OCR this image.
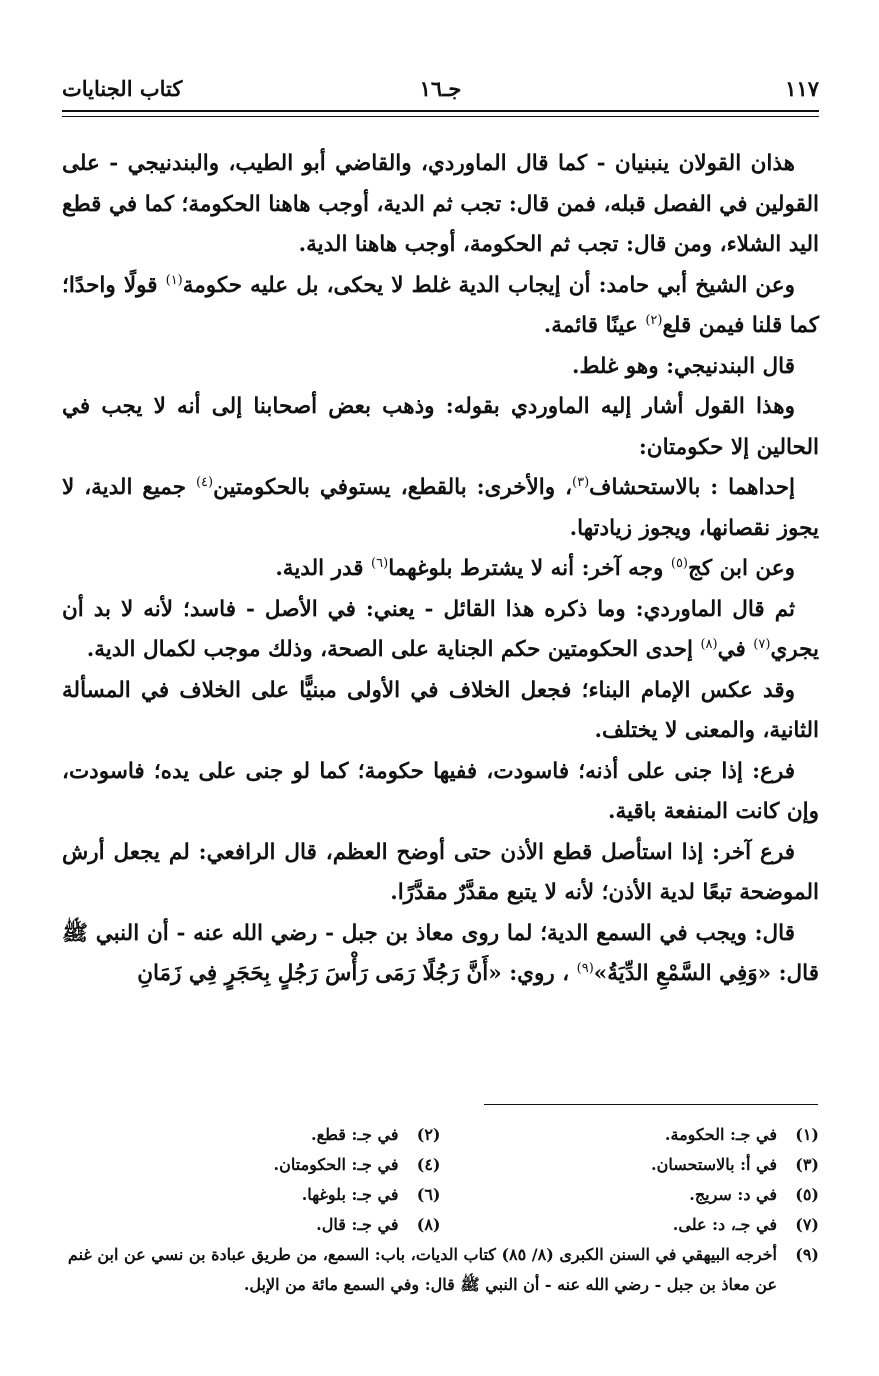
١١٧
جـ١٦
كتاب الجنايات

هذان القولان ينبنيان - كما قال الماوردي، والقاضي أبو الطيب، والبندنيجي - على القولين في الفصل قبله، فمن قال: تجب ثم الدية، أوجب هاهنا الحكومة؛ كما في قطع اليد الشلاء، ومن قال: تجب ثم الحكومة، أوجب هاهنا الدية.

وعن الشيخ أبي حامد: أن إيجاب الدية غلط لا يحكى، بل عليه حكومة$^{(١)}$ قولًا واحدًا؛ كما قلنا فيمن قلع$^{(٢)}$ عينًا قائمة.

قال البندنيجي: وهو غلط.

وهذا القول أشار إليه الماوردي بقوله: وذهب بعض أصحابنا إلى أنه لا يجب في الحالين إلا حكومتان:

إحداهما : بالاستحشاف$^{(٣)}$، والأخرى: بالقطع، يستوفي بالحكومتين$^{(٤)}$ جميع الدية، لا يجوز نقصانها، ويجوز زيادتها.

وعن ابن كج$^{(٥)}$ وجه آخر: أنه لا يشترط بلوغهما$^{(٦)}$ قدر الدية.

ثم قال الماوردي: وما ذكره هذا القائل - يعني: في الأصل - فاسد؛ لأنه لا بد أن يجري$^{(٧)}$ في$^{(٨)}$ إحدى الحكومتين حكم الجناية على الصحة، وذلك موجب لكمال الدية.

وقد عكس الإمام البناء؛ فجعل الخلاف في الأولى مبنيًّا على الخلاف في المسألة الثانية، والمعنى لا يختلف.

فرع: إذا جنى على أذنه؛ فاسودت، ففيها حكومة؛ كما لو جنى على يده؛ فاسودت، وإن كانت المنفعة باقية.

فرع آخر: إذا استأصل قطع الأذن حتى أوضح العظم، قال الرافعي: لم يجعل أرش الموضحة تبعًا لدية الأذن؛ لأنه لا يتبع مقدَّرٌ مقدَّرًا.

قال: ويجب في السمع الدية؛ لما روى معاذ بن جبل - رضي الله عنه - أن النبي ﷺ قال: «وَفِي السَّمْعِ الدِّيَةُ»$^{(٩)}$ ، روي: «أَنَّ رَجُلًا رَمَى رَأْسَ رَجُلٍ بِحَجَرٍ فِي زَمَانِ

(١)
في جـ: الحكومة.
(٢)
في جـ: قطع.
(٣)
في أ: بالاستحسان.
(٤)
في جـ: الحكومتان.
(٥)
في د: سريج.
(٦)
في جـ: بلوغها.
(٧)
في جـ، د: على.
(٨)
في جـ: قال.
(٩)
أخرجه البيهقي في السنن الكبرى (٨/ ٨٥) كتاب الديات، باب: السمع، من طريق عبادة بن نسي عن ابن غنم عن معاذ بن جبل - رضي الله عنه - أن النبي ﷺ قال: وفي السمع مائة من الإبل.
